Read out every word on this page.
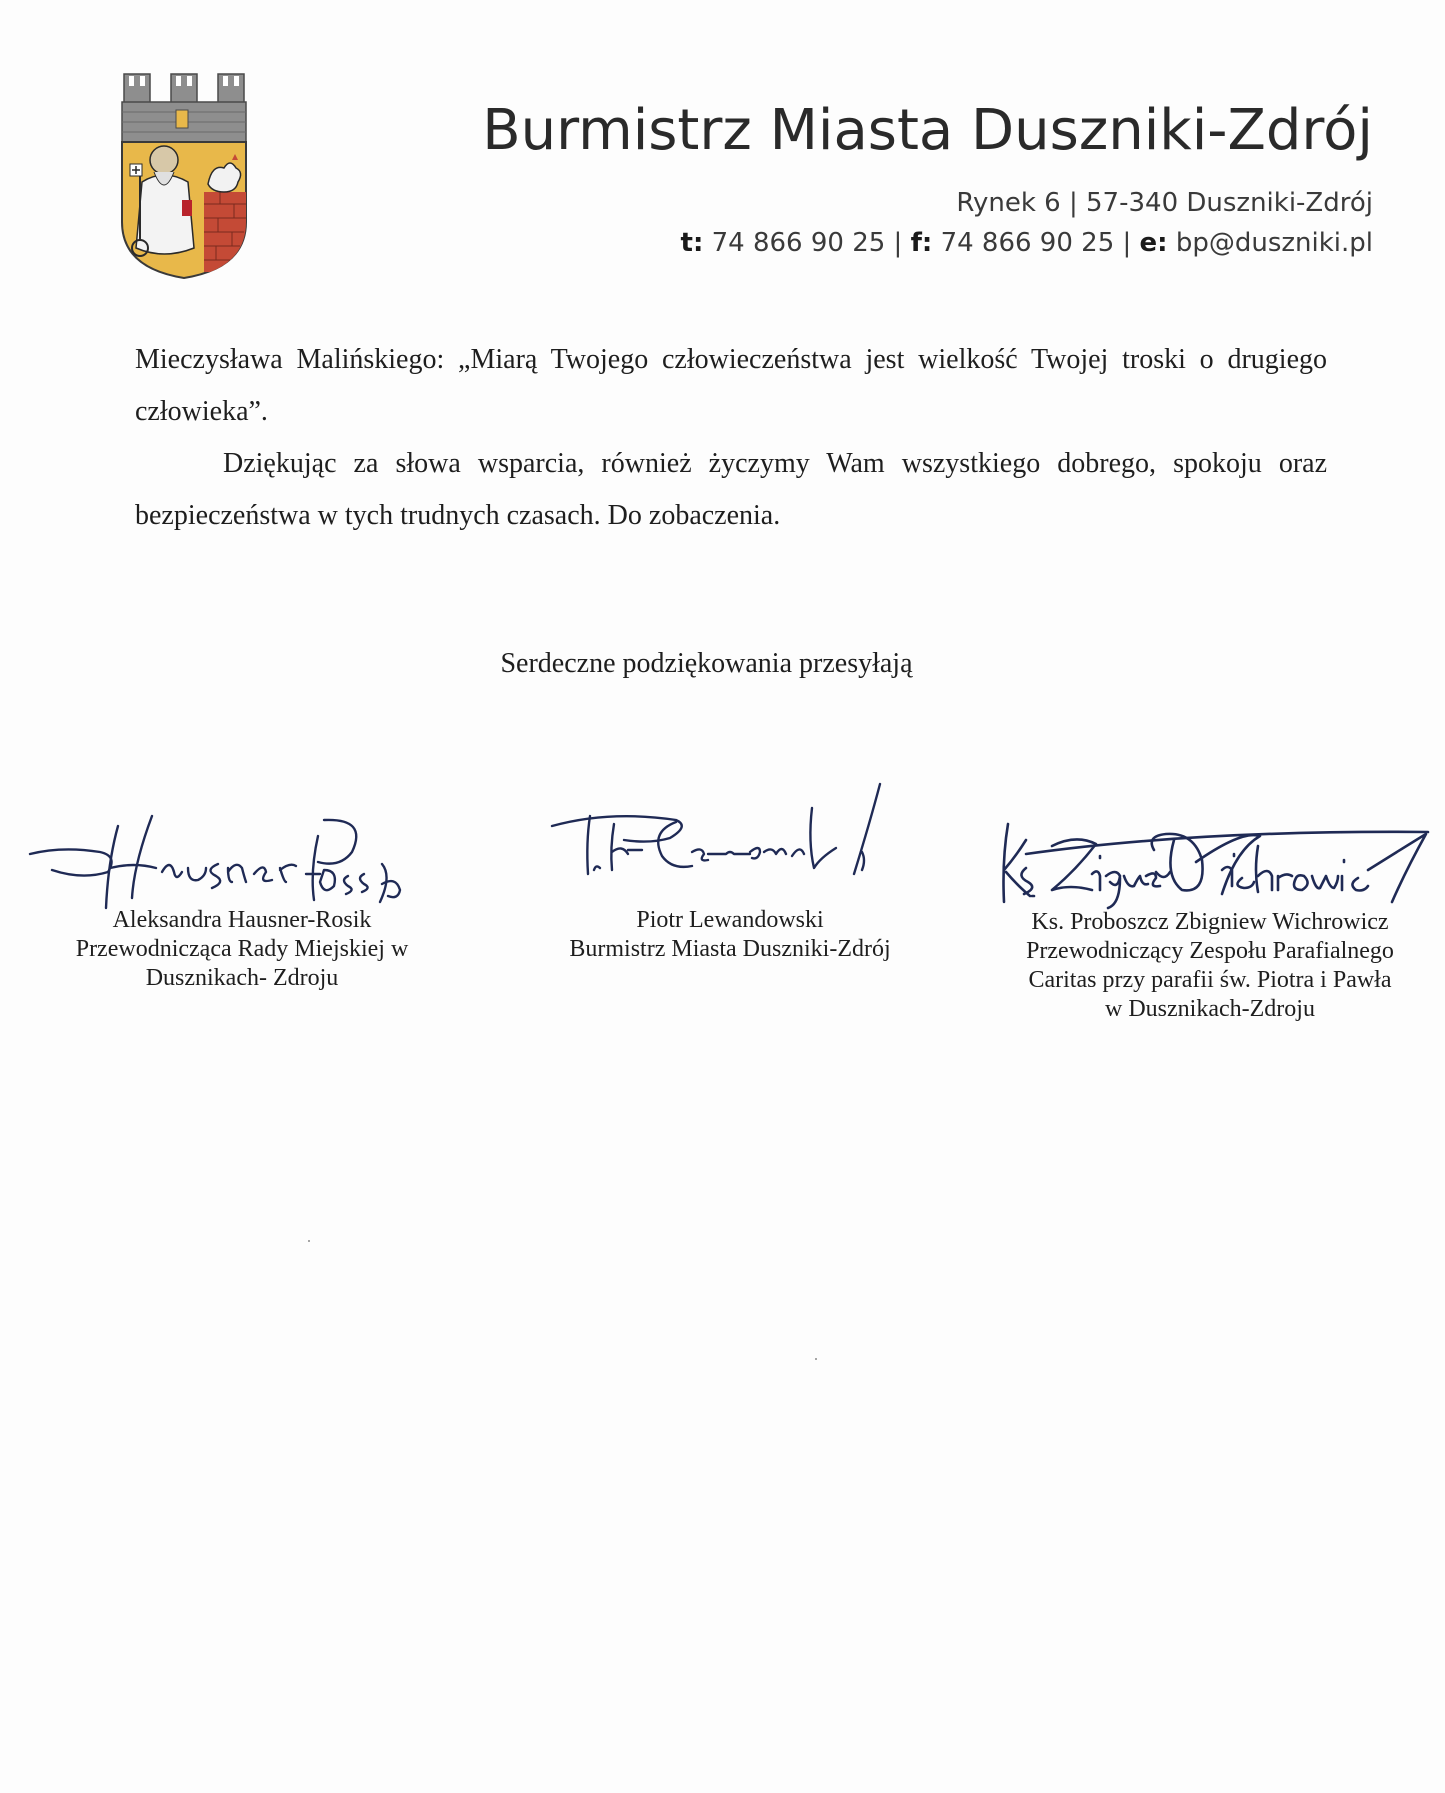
Burmistrz Miasta Duszniki-Zdrój
Rynek 6 | 57-340 Duszniki-Zdrój
t: 74 866 90 25 | f: 74 866 90 25 | e: bp@duszniki.pl

Mieczysława Malińskiego: „Miarą Twojego człowieczeństwa jest wielkość Twojej troski o drugiego człowieka”.

Dziękując za słowa wsparcia, również życzymy Wam wszystkiego dobrego, spokoju oraz bezpieczeństwa w tych trudnych czasach. Do zobaczenia.

Serdeczne podziękowania przesyłają
Aleksandra Hausner-Rosik
Przewodnicząca Rady Miejskiej w
Dusznikach- Zdroju
Piotr Lewandowski
Burmistrz Miasta Duszniki-Zdrój
Ks. Proboszcz Zbigniew Wichrowicz
Przewodniczący Zespołu Parafialnego
Caritas przy parafii św. Piotra i Pawła
w Dusznikach-Zdroju
